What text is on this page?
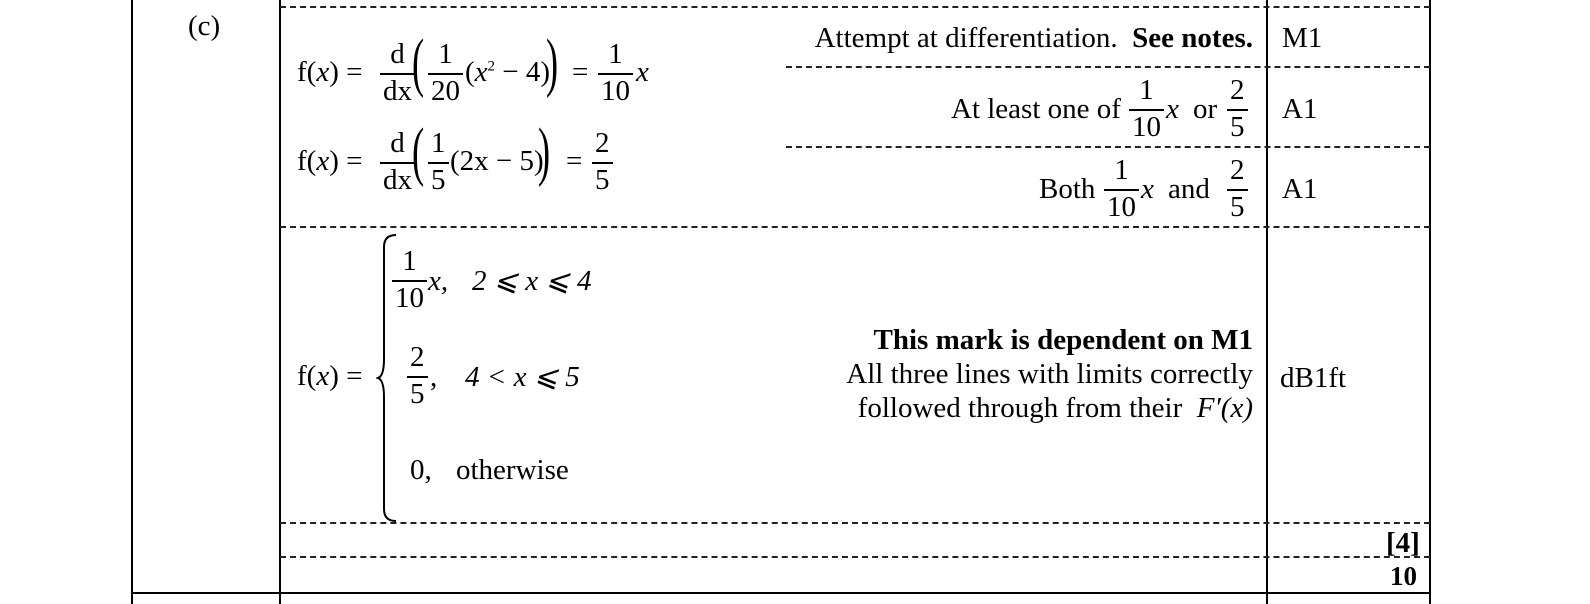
(c)
$f(x) = \frac{d}{dx}$
( $\frac{1}{20} (x^2 - 4)$
) = $\frac{1}{10}$ x
$f(x) = \frac{d}{dx}$
( $\frac{1}{5} (2x - 5)$
) = $\frac{2}{5}$
f(x) =
$\frac{1}{10} x$, 2 ⩽ x ⩽ 4
$\frac{2}{5}$ , 4 < x ⩽ 5
0, otherwise
Attempt at differentiation. See notes.
At least one of $\frac{1}{10}$ x or $\frac{2}{5}$
Both $\frac{1}{10}$ x and $\frac{2}{5}$
This mark is dependent on M1
All three lines with limits correctly
followed through from their F′(x)
M1
A1
A1
dB1ft
[4]
10
